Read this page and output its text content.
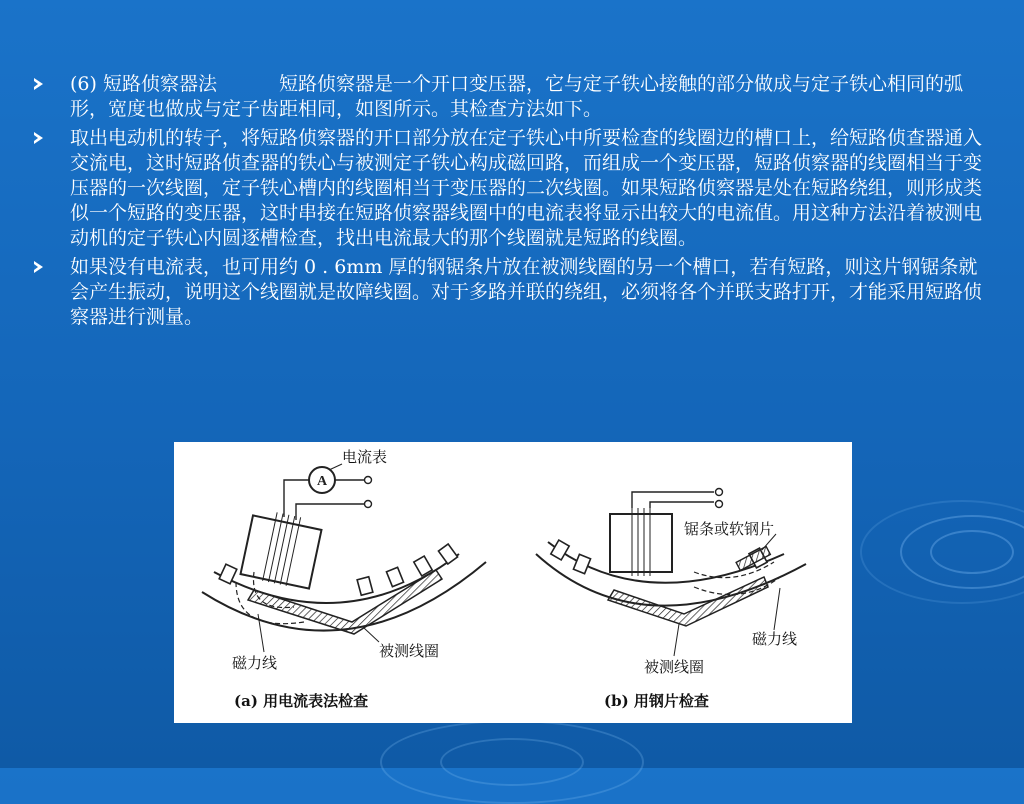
(6) 短路侦察器法	短路侦察器是一个开口变压器，它与定子铁心接触的部分做成与定子铁心相同的弧形，宽度也做成与定子齿距相同，如图所示。其检查方法如下。
取出电动机的转子，将短路侦察器的开口部分放在定子铁心中所要检查的线圈边的槽口上，给短路侦查器通入交流电，这时短路侦查器的铁心与被测定子铁心构成磁回路，而组成一个变压器，短路侦察器的线圈相当于变压器的一次线圈，定子铁心槽内的线圈相当于变压器的二次线圈。如果短路侦察器是处在短路绕组，则形成类似一个短路的变压器，这时串接在短路侦察器线圈中的电流表将显示出较大的电流值。用这种方法沿着被测电动机的定子铁心内圆逐槽检查，找出电流最大的那个线圈就是短路的线圈。
如果没有电流表，也可用约 0 . 6mm 厚的钢锯条片放在被测线圈的另一个槽口，若有短路，则这片钢锯条就会产生振动，说明这个线圈就是故障线圈。对于多路并联的绕组，必须将各个并联支路打开，才能采用短路侦察器进行测量。
A
电流表
磁力线
被测线圈
(a) 用电流表法检查
锯条或软钢片
磁力线
被测线圈
(b) 用钢片检查
